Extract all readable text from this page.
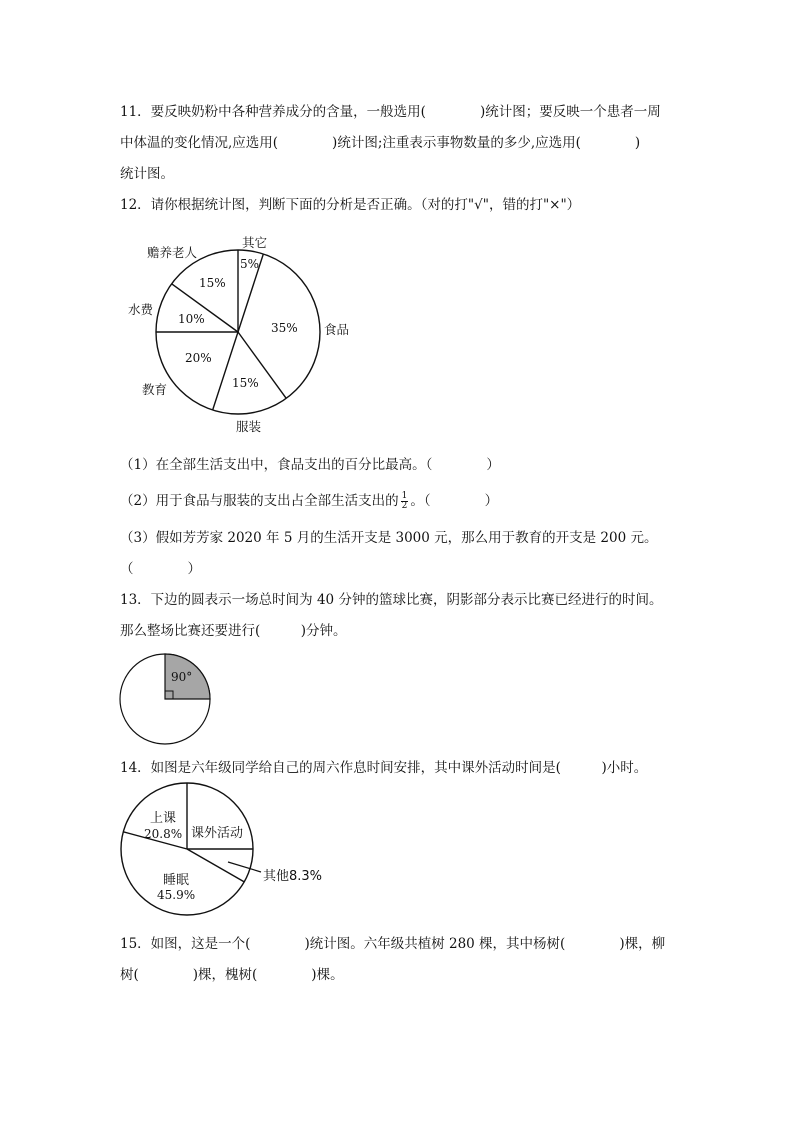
11．要反映奶粉中各种营养成分的含量，一般选用(　　　　)统计图；要反映一个患者一周
中体温的变化情况,应选用(　　　　)统计图;注重表示事物数量的多少,应选用(　　　　)
统计图。
12．请你根据统计图，判断下面的分析是否正确。（对的打"√"，错的打"×"）
其它
食品
服装
教育
水费
赡养老人
5%
35%
15%
20%
10%
15%
（1）在全部生活支出中，食品支出的百分比最高。（　　　　）
（2）用于食品与服装的支出占全部生活支出的 $\frac{1}{2}$ 。（　　　　）
（3）假如芳芳家 2020 年 5 月的生活开支是 3000 元，那么用于教育的开支是 200 元。
（　　　　）
13．下边的圆表示一场总时间为 40 分钟的篮球比赛，阴影部分表示比赛已经进行的时间。
那么整场比赛还要进行(　　　)分钟。
90°
14．如图是六年级同学给自己的周六作息时间安排，其中课外活动时间是(　　　)小时。
上课
20.8% 课外活动
睡眠
45.9%
其他8.3%
15．如图，这是一个(　　　　)统计图。六年级共植树 280 棵，其中杨树(　　　　)棵，柳
树(　　　　)棵，槐树(　　　　)棵。
